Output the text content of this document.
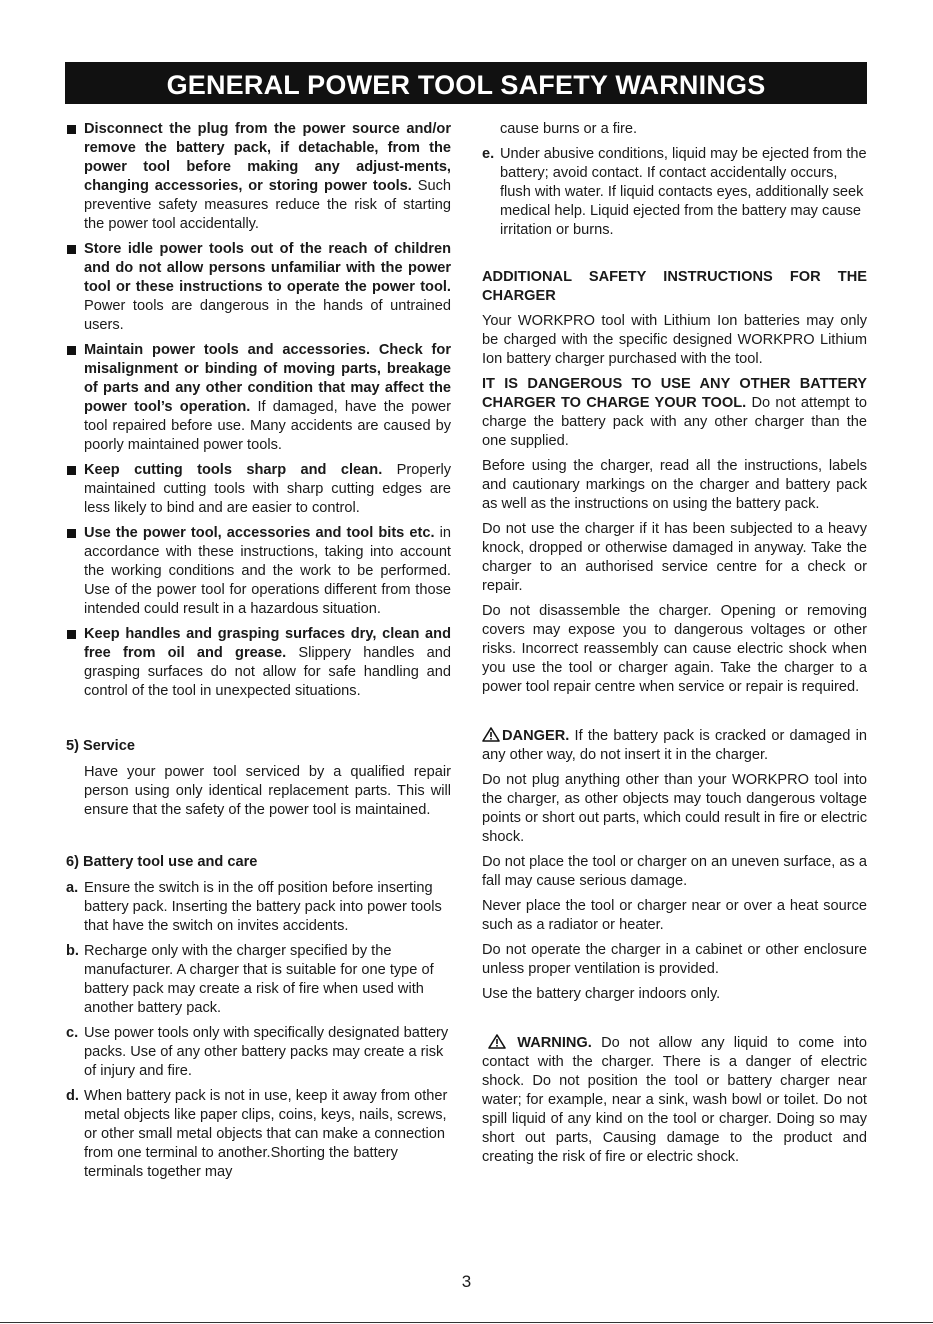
GENERAL POWER TOOL SAFETY WARNINGS
Disconnect the plug from the power source and/or remove the battery pack, if detachable, from the power tool before making any adjust-ments, changing accessories, or storing power tools. Such preventive safety measures reduce the risk of starting the power tool accidentally.
Store idle power tools out of the reach of children and do not allow persons unfamiliar with the power tool or these instructions to operate the power tool. Power tools are dangerous in the hands of untrained users.
Maintain power tools and accessories. Check for misalignment or binding of moving parts, breakage of parts and any other condition that may affect the power tool’s operation. If damaged, have the power tool repaired before use. Many accidents are caused by poorly maintained power tools.
Keep cutting tools sharp and clean. Properly maintained cutting tools with sharp cutting edges are less likely to bind and are easier to control.
Use the power tool, accessories and tool bits etc. in accordance with these instructions, taking into account the working conditions and the work to be performed. Use of the power tool for operations different from those intended could result in a hazardous situation.
Keep handles and grasping surfaces dry, clean and free from oil and grease. Slippery handles and grasping surfaces do not allow for safe handling and control of the tool in unexpected situations.
5) Service
Have your power tool serviced by a qualified repair person using only identical replacement parts. This will ensure that the safety of the power tool is maintained.
6) Battery tool use and care
a. Ensure the switch is in the off position before inserting battery pack. Inserting the battery pack into power tools that have the switch on invites accidents.
b. Recharge only with the charger specified by the manufacturer. A charger that is suitable for one type of battery pack may create a risk of fire when used with another battery pack.
c. Use power tools only with specifically designated battery packs. Use of any other battery packs may create a risk of injury and fire.
d. When battery pack is not in use, keep it away from other metal objects like paper clips, coins, keys, nails, screws, or other small metal objects that can make a connection from one terminal to another.Shorting the battery terminals together may
cause burns or a fire.
e. Under abusive conditions, liquid may be ejected from the battery; avoid contact. If contact accidentally occurs, flush with water. If liquid contacts eyes, additionally seek medical help. Liquid ejected from the battery may cause irritation or burns.
ADDITIONAL SAFETY INSTRUCTIONS FOR THE CHARGER
Your WORKPRO tool with Lithium Ion batteries may only be charged with the specific designed WORKPRO Lithium Ion battery charger purchased with the tool.
IT IS DANGEROUS TO USE ANY OTHER BATTERY CHARGER TO CHARGE YOUR TOOL. Do not attempt to charge the battery pack with any other charger than the one supplied.
Before using the charger, read all the instructions, labels and cautionary markings on the charger and battery pack as well as the instructions on using the battery pack.
Do not use the charger if it has been subjected to a heavy knock, dropped or otherwise damaged in anyway. Take the charger to an authorised service centre for a check or repair.
Do not disassemble the charger. Opening or removing covers may expose you to dangerous voltages or other risks. Incorrect reassembly can cause electric shock when you use the tool or charger again. Take the charger to a power tool repair centre when service or repair is required.
DANGER. If the battery pack is cracked or damaged in any other way, do not insert it in the charger.
Do not plug anything other than your WORKPRO tool into the charger, as other objects may touch dangerous voltage points or short out parts, which could result in fire or electric shock.
Do not place the tool or charger on an uneven surface, as a fall may cause serious damage.
Never place the tool or charger near or over a heat source such as a radiator or heater.
Do not operate the charger in a cabinet or other enclosure unless proper ventilation is provided.
Use the battery charger indoors only.
WARNING. Do not allow any liquid to come into contact with the charger. There is a danger of electric shock. Do not position the tool or battery charger near water; for example, near a sink, wash bowl or toilet. Do not spill liquid of any kind on the tool or charger. Doing so may short out parts, Causing damage to the product and creating the risk of fire or electric shock.
3
